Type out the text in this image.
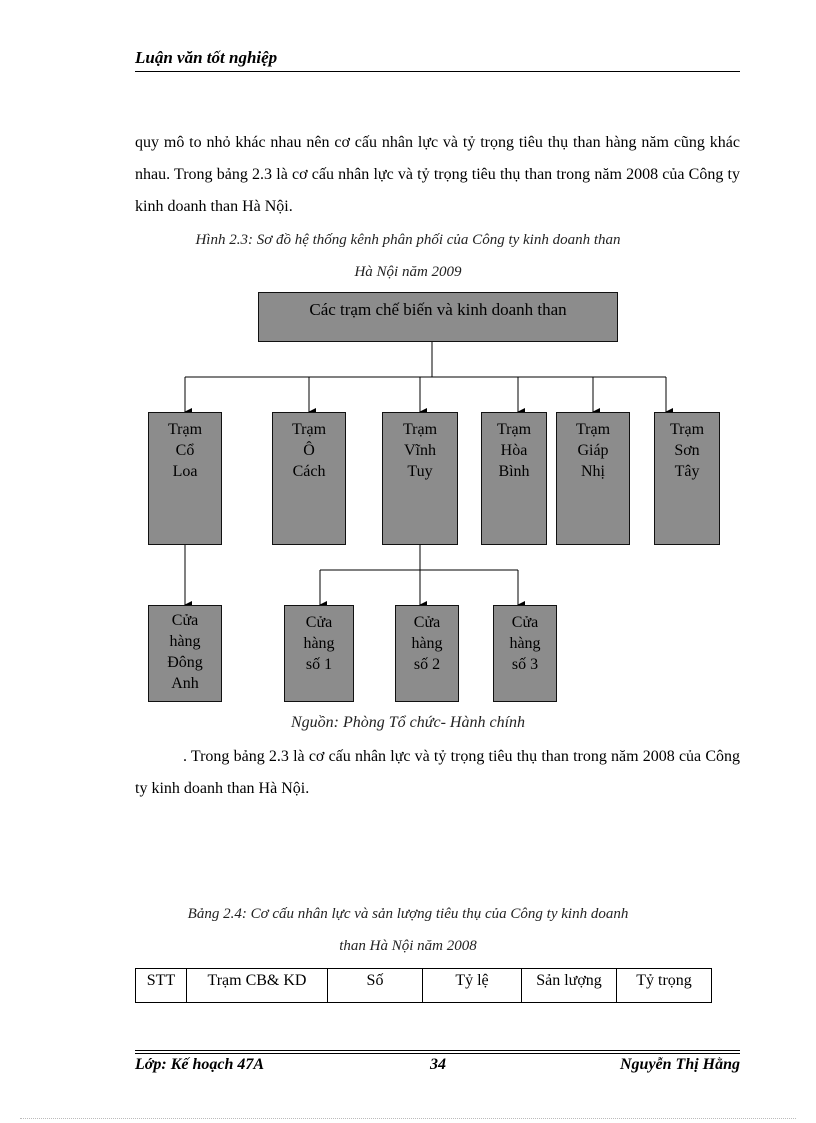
Luận văn tốt nghiệp
quy mô to nhỏ khác nhau nên cơ cấu nhân lực và tỷ trọng tiêu thụ than hàng năm cũng khác nhau. Trong bảng 2.3 là cơ cấu nhân lực và tỷ trọng tiêu thụ than trong năm 2008 của Công ty kinh doanh than Hà Nội.
Hình 2.3: Sơ đồ hệ thống kênh phân phối của Công ty kinh doanh than
Hà Nội năm 2009
Các trạm chế biến và kinh doanh than
Trạm
Cổ
Loa
Trạm
Ô
Cách
Trạm
Vĩnh
Tuy
Trạm
Hòa
Bình
Trạm
Giáp
Nhị
Trạm
Sơn
Tây
Cửa
hàng
Đông
Anh
Cửa
hàng
số 1
Cửa
hàng
số 2
Cửa
hàng
số 3
Nguồn: Phòng Tổ chức- Hành chính
. Trong bảng 2.3 là cơ cấu nhân lực và tỷ trọng tiêu thụ than trong năm 2008 của Công ty kinh doanh than Hà Nội.
Bảng 2.4: Cơ cấu nhân lực và sản lượng tiêu thụ của Công ty kinh doanh
than Hà Nội năm 2008
STT	Trạm CB& KD	Số	Tỷ lệ	Sản lượng	Tỷ trọng
Lớp: Kế hoạch 47A	34	Nguyễn Thị Hằng
